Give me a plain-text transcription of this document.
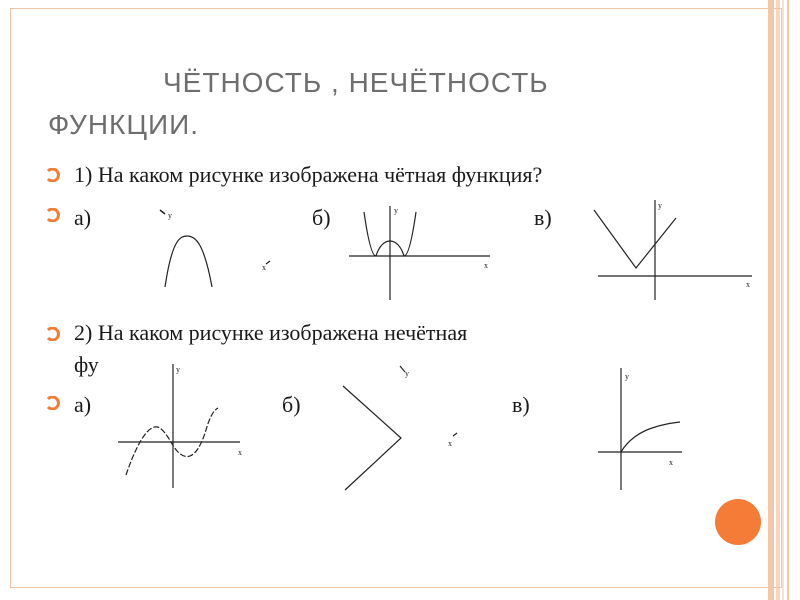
ЧЁТНОСТЬ , НЕЧЁТНОСТЬ
ФУНКЦИИ.
1) На каком рисунке изображена чётная функция?
а)	б)	в)
2) На каком рисунке изображена нечётная
фу
а)	б)	в)
y
x
y
x
y
x
y
x
y
x
y
x
